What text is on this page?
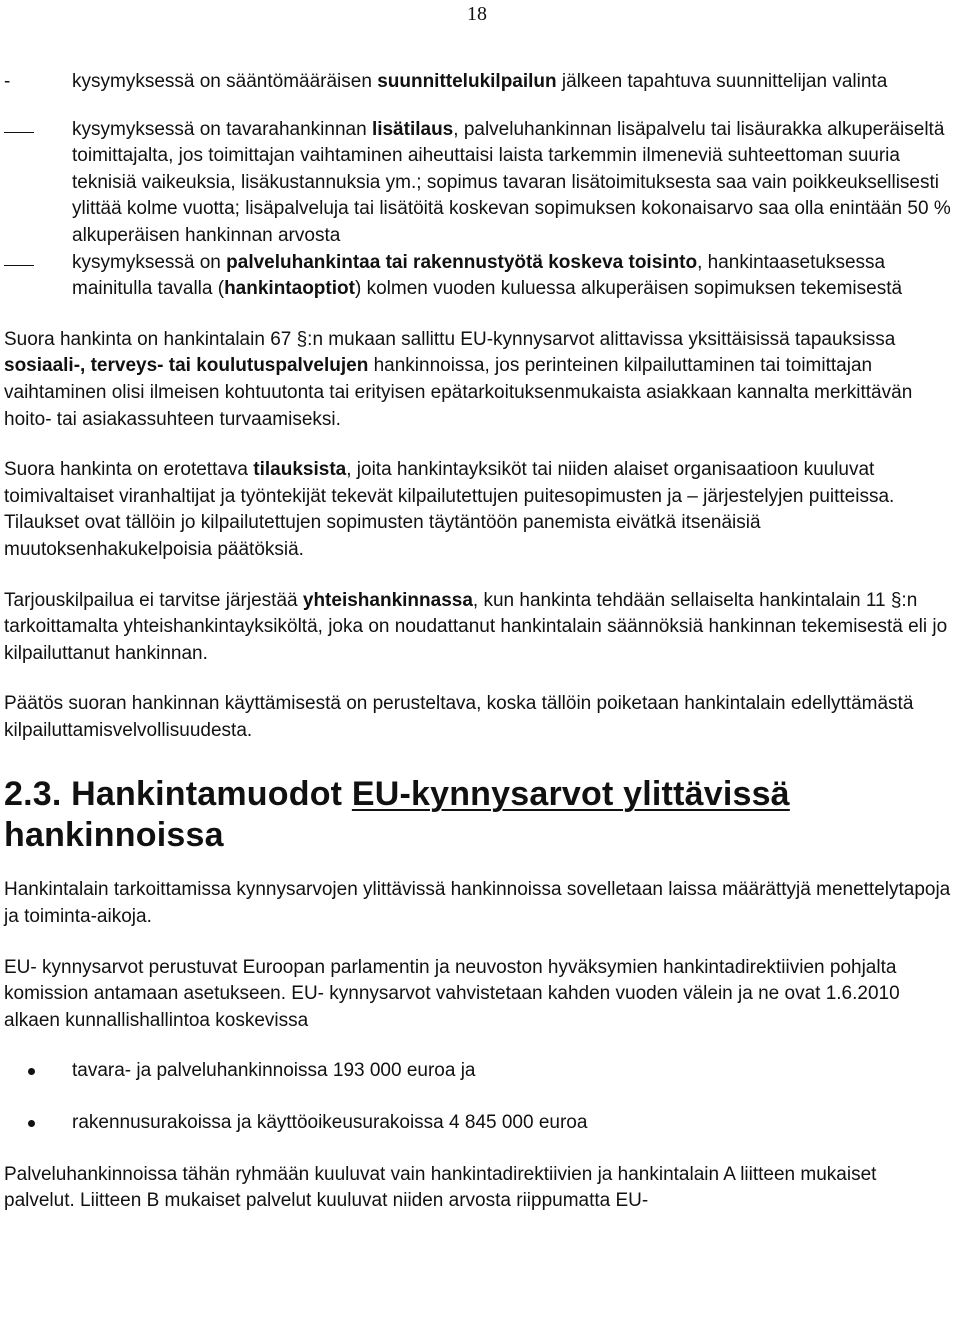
18
-	kysymyksessä on sääntömääräisen suunnittelukilpailun jälkeen tapahtuva suunnittelijan valinta
kysymyksessä on tavarahankinnan lisätilaus, palveluhankinnan lisäpalvelu tai lisäurakka alkuperäiseltä toimittajalta, jos toimittajan vaihtaminen aiheuttaisi laista tarkemmin ilmeneviä suhteettoman suuria teknisiä vaikeuksia, lisäkustannuksia ym.; sopimus tavaran lisätoimituksesta saa vain poikkeuksellisesti ylittää kolme vuotta; lisäpalveluja tai lisätöitä koskevan sopimuksen kokonaisarvo saa olla enintään 50 % alkuperäisen hankinnan arvosta
kysymyksessä on palveluhankintaa tai rakennustyötä koskeva toisinto, hankintaasetuksessa mainitulla tavalla (hankintaoptiot) kolmen vuoden kuluessa alkuperäisen sopimuksen tekemisestä

Suora hankinta on hankintalain 67 §:n mukaan sallittu EU-kynnysarvot alittavissa yksittäisissä tapauksissa sosiaali-, terveys- tai koulutuspalvelujen hankinnoissa, jos perinteinen kilpailuttaminen tai toimittajan vaihtaminen olisi ilmeisen kohtuutonta tai erityisen epätarkoituksenmukaista asiakkaan kannalta merkittävän hoito- tai asiakassuhteen turvaamiseksi.

Suora hankinta on erotettava tilauksista, joita hankintayksiköt tai niiden alaiset organisaatioon kuuluvat toimivaltaiset viranhaltijat ja työntekijät tekevät kilpailutettujen puitesopimusten ja – järjestelyjen puitteissa. Tilaukset ovat tällöin jo kilpailutettujen sopimusten täytäntöön panemista eivätkä itsenäisiä muutoksenhakukelpoisia päätöksiä.

Tarjouskilpailua ei tarvitse järjestää yhteishankinnassa, kun hankinta tehdään sellaiselta hankintalain 11 §:n tarkoittamalta yhteishankintayksiköltä, joka on noudattanut hankintalain säännöksiä hankinnan tekemisestä eli jo kilpailuttanut hankinnan.

Päätös suoran hankinnan käyttämisestä on perusteltava, koska tällöin poiketaan hankintalain edellyttämästä kilpailuttamisvelvollisuudesta.

2.3. Hankintamuodot EU-kynnysarvot ylittävissä hankinnoissa

Hankintalain tarkoittamissa kynnysarvojen ylittävissä hankinnoissa sovelletaan laissa määrättyjä menettelytapoja ja toiminta-aikoja.

EU- kynnysarvot perustuvat Euroopan parlamentin ja neuvoston hyväksymien hankintadirektiivien pohjalta komission antamaan asetukseen. EU- kynnysarvot vahvistetaan kahden vuoden välein ja ne ovat 1.6.2010 alkaen kunnallishallintoa koskevissa

tavara- ja palveluhankinnoissa 193 000 euroa ja
rakennusurakoissa ja käyttöoikeusurakoissa 4 845 000 euroa

Palveluhankinnoissa tähän ryhmään kuuluvat vain hankintadirektiivien ja hankintalain A liitteen mukaiset palvelut. Liitteen B mukaiset palvelut kuuluvat niiden arvosta riippumatta EU-
